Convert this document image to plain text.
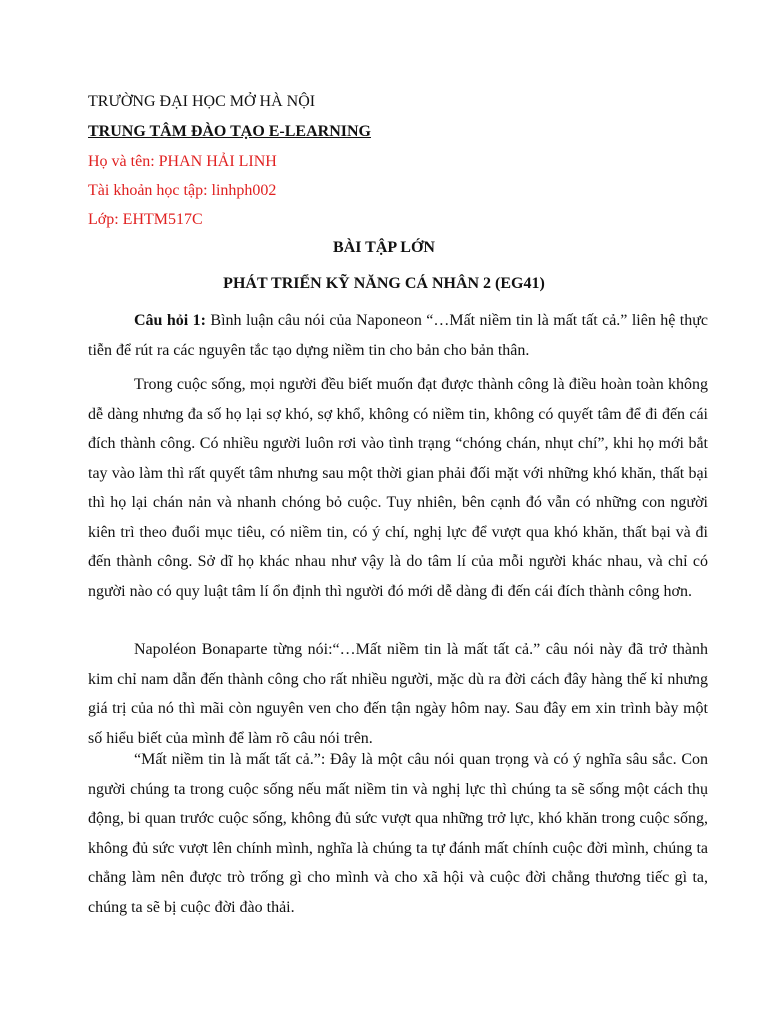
TRƯỜNG ĐẠI HỌC MỞ HÀ NỘI
TRUNG TÂM ĐÀO TẠO E-LEARNING
Họ và tên: PHAN HẢI LINH
Tài khoản học tập: linhph002
Lớp: EHTM517C
BÀI TẬP LỚN
PHÁT TRIỂN KỸ NĂNG CÁ NHÂN 2 (EG41)

Câu hỏi 1: Bình luận câu nói của Naponeon “…Mất niềm tin là mất tất cả.” liên hệ thực tiễn để rút ra các nguyên tắc tạo dựng niềm tin cho bản cho bản thân.

Trong cuộc sống, mọi người đều biết muốn đạt được thành công là điều hoàn toàn không dễ dàng nhưng đa số họ lại sợ khó, sợ khổ, không có niềm tin, không có quyết tâm để đi đến cái đích thành công. Có nhiều người luôn rơi vào tình trạng “chóng chán, nhụt chí”, khi họ mới bắt tay vào làm thì rất quyết tâm nhưng sau một thời gian phải đối mặt với những khó khăn, thất bại thì họ lại chán nản và nhanh chóng bỏ cuộc. Tuy nhiên, bên cạnh đó vẫn có những con người kiên trì theo đuổi mục tiêu, có niềm tin, có ý chí, nghị lực để vượt qua khó khăn, thất bại và đi đến thành công. Sở dĩ họ khác nhau như vậy là do tâm lí của mỗi người khác nhau, và chỉ có người nào có quy luật tâm lí ổn định thì người đó mới dễ dàng đi đến cái đích thành công hơn.

Napoléon Bonaparte từng nói:“…Mất niềm tin là mất tất cả.” câu nói này đã trở thành kim chỉ nam dẫn đến thành công cho rất nhiều người, mặc dù ra đời cách đây hàng thế kỉ nhưng giá trị của nó thì mãi còn nguyên ven cho đến tận ngày hôm nay. Sau đây em xin trình bày một số hiểu biết của mình để làm rõ câu nói trên.

“Mất niềm tin là mất tất cả.”: Đây là một câu nói quan trọng và có ý nghĩa sâu sắc. Con người chúng ta trong cuộc sống nếu mất niềm tin và nghị lực thì chúng ta sẽ sống một cách thụ động, bi quan trước cuộc sống, không đủ sức vượt qua những trở lực, khó khăn trong cuộc sống, không đủ sức vượt lên chính mình, nghĩa là chúng ta tự đánh mất chính cuộc đời mình, chúng ta chẳng làm nên được trò trống gì cho mình và cho xã hội và cuộc đời chẳng thương tiếc gì ta, chúng ta sẽ bị cuộc đời đào thải.
